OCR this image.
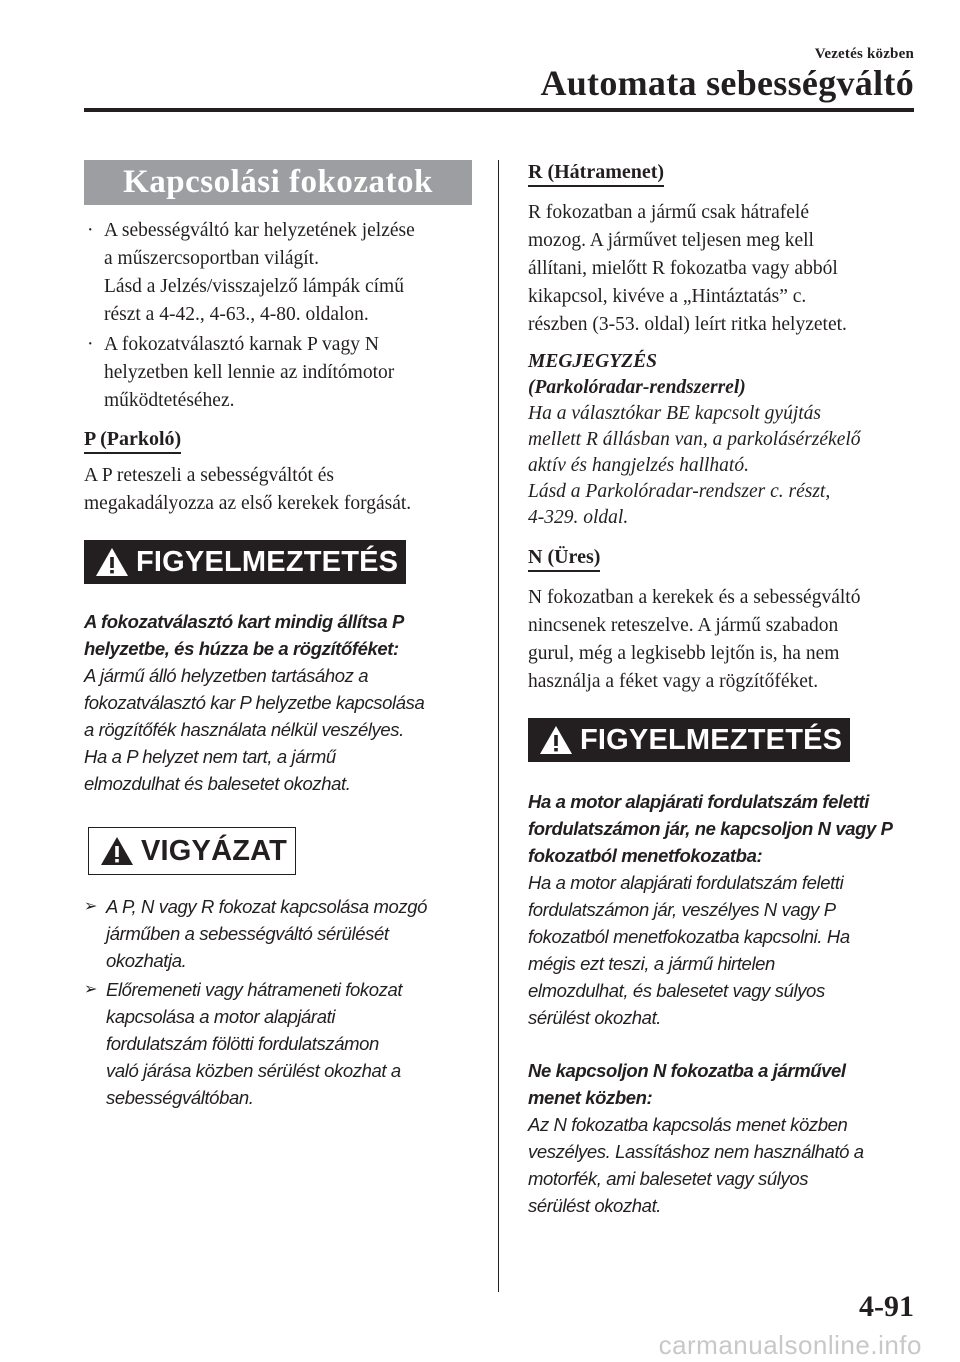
Vezetés közben
Automata sebességváltó
Kapcsolási fokozatok
· A sebességváltó kar helyzetének jelzése
a műszercsoportban világít.
Lásd a Jelzés/visszajelző lámpák című
részt a 4-42., 4-63., 4-80. oldalon.
· A fokozatválasztó karnak P vagy N
helyzetben kell lennie az indítómotor
működtetéséhez.
P (Parkoló)

A P reteszeli a sebességváltót és
megakadályozza az első kerekek forgását.

FIGYELMEZTETÉS

A fokozatválasztó kart mindig állítsa P
helyzetbe, és húzza be a rögzítőféket:

A jármű álló helyzetben tartásához a
fokozatválasztó kar P helyzetbe kapcsolása
a rögzítőfék használata nélkül veszélyes.
Ha a P helyzet nem tart, a jármű
elmozdulhat és balesetet okozhat.

VIGYÁZAT
➢ A P, N vagy R fokozat kapcsolása mozgó
járműben a sebességváltó sérülését
okozhatja.
➢ Előremeneti vagy hátrameneti fokozat
kapcsolása a motor alapjárati
fordulatszám fölötti fordulatszámon
való járása közben sérülést okozhat a
sebességváltóban.
R (Hátramenet)

R fokozatban a jármű csak hátrafelé
mozog. A járművet teljesen meg kell
állítani, mielőtt R fokozatba vagy abból
kikapcsol, kivéve a „Hintáztatás” c.
részben (3-53. oldal) leírt ritka helyzetet.

MEGJEGYZÉS
(Parkolóradar-rendszerrel)
Ha a választókar BE kapcsolt gyújtás
mellett R állásban van, a parkolásérzékelő
aktív és hangjelzés hallható.
Lásd a Parkolóradar-rendszer c. részt,
4-329. oldal.
N (Üres)

N fokozatban a kerekek és a sebességváltó
nincsenek reteszelve. A jármű szabadon
gurul, még a legkisebb lejtőn is, ha nem
használja a féket vagy a rögzítőféket.

FIGYELMEZTETÉS

Ha a motor alapjárati fordulatszám feletti
fordulatszámon jár, ne kapcsoljon N vagy P
fokozatból menetfokozatba:

Ha a motor alapjárati fordulatszám feletti
fordulatszámon jár, veszélyes N vagy P
fokozatból menetfokozatba kapcsolni. Ha
mégis ezt teszi, a jármű hirtelen
elmozdulhat, és balesetet vagy súlyos
sérülést okozhat.

Ne kapcsoljon N fokozatba a járművel
menet közben:

Az N fokozatba kapcsolás menet közben
veszélyes. Lassításhoz nem használható a
motorfék, ami balesetet vagy súlyos
sérülést okozhat.

4-91
carmanualsonline.info
